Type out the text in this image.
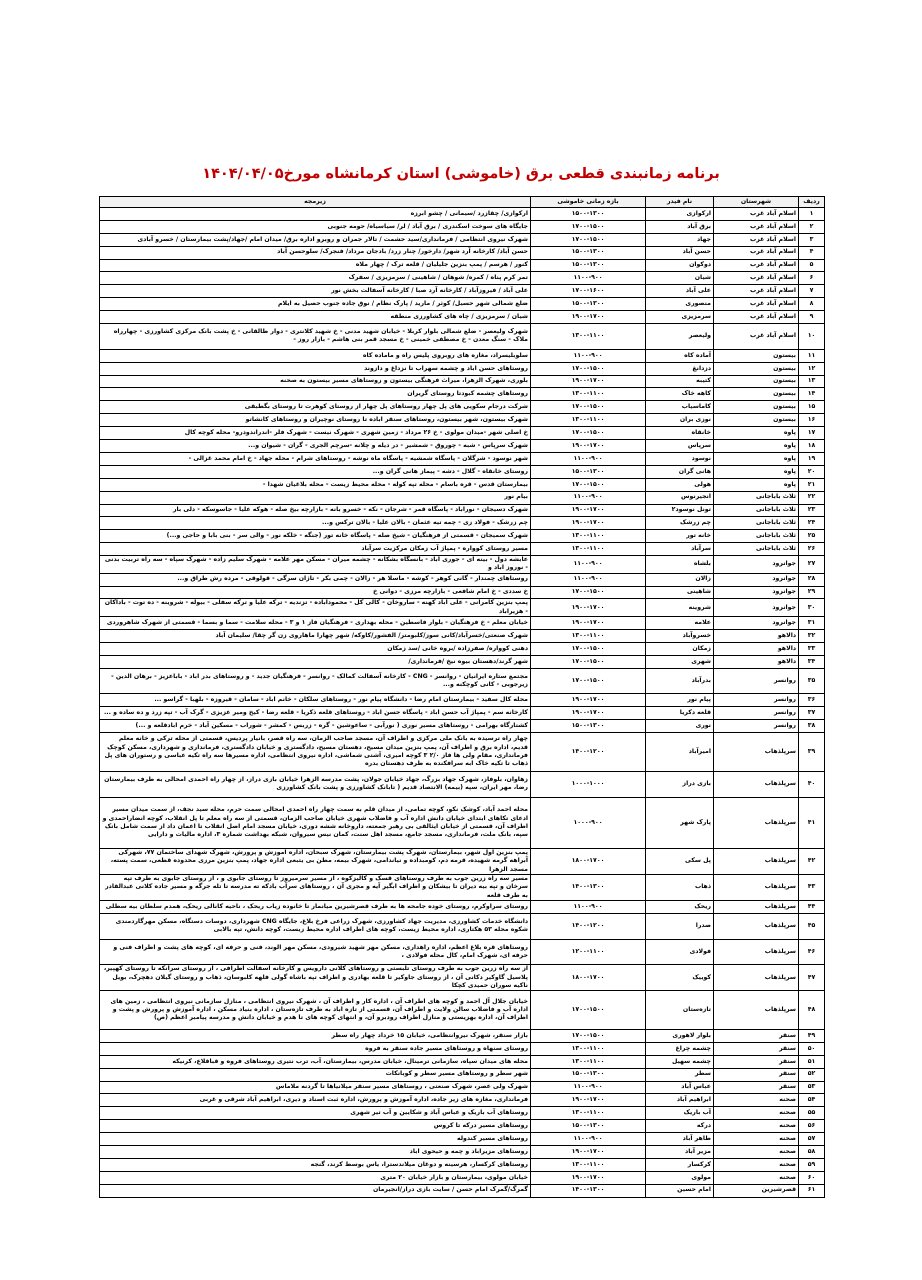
برنامه زمانبندی قطعی برق (خاموشی) استان کرمانشاه مورخ۱۴۰۴/۰۴/۰۵
ردیف	شهرستان	نام فیدر	بازه زمانی خاموشی	زیرمجه
۱	اسلام آباد غرب	ارکوازی	۱۵۰۰-۱۳۰۰	ارکوازی/ چقازرد /سیمانی / چشو ابرزه
۲	اسلام آباد غرب	برق آباد	۱۷۰۰-۱۵۰۰	جایگاه های سوخت اسکندری / برق آباد / لر/ سیاسیاه/ حومه جنوبی
۳	اسلام آباد غرب	جهاد	۱۷۰۰-۱۵۰۰	شهرک نیروی انتظامی / فرمانداری/سید حشمت / تالار جمران و روبرو اداره برق/ میدان امام /جهاد/پشت بیمارستان / خسرو آبادی
۴	اسلام آباد غرب	حسن آباد	۱۵۰۰-۱۳۰۰	حسن آباد/ کارخانه آرد شهر/ دارخور/ چنار زرد/ بادجان مرداد/ فنجرک/ سلوحسن آباد
۵	اسلام آباد غرب	دوکوان	۱۵۰۰-۱۳۰۰	کنور / هرسم / پمپ بنزین جلیلیان / قلعه ترک / چهار ملاه
۶	اسلام آباد غرب	شیان	۱۱۰۰-۹۰۰	تمر کرم پناه / کمره/ شوهان / شاهینی / سرمزیزی / سفرک
۷	اسلام آباد غرب	علی آباد	۱۷۰۰-۱۶۰۰	علی آباد / فیروزآباد / کارخانه آرد صبا / کارخانه آسفالت بخش نور
۸	اسلام آباد غرب	منصوری	۱۵۰۰-۱۳۰۰	ضلع شمالی شهر حسیل/ کوثر / مارید / پارک نظام / نوق جاده جنوب حصیل به ایلام
۹	اسلام آباد غرب	سرمزیزی	۱۹۰۰-۱۷۰۰	شیان / سرمزیزی / چاه های کشاورزی منطقه
۱۰	اسلام آباد غرب	ولیعصر	۱۳۰۰-۱۱۰۰	شهرک ولیعصر - ضلع شمالی بلوار کربلا - خیابان شهید مدنی - خ شهید کلانتری - دوار طالقانی - خ پشت بانک مرکزی کشاورزی - چهارراه ملاک - سنگ معدن - خ مصطفی خمینی - خ مسجد قمر بنی هاشم - بازار روز -
۱۱	بیستون	آماده کاه	۱۱۰۰-۹۰۰	سلوبلیسراد، مغازه های روبروی پلیس راه و ماماده کاه
۱۲	بیستون	دزدانغ	۱۷۰۰-۱۵۰۰	روستاهای حسن اباد و چشمه سهراب تا نزداغ و دازوند
۱۳	بیستون	کتیبه	۱۹۰۰-۱۷۰۰	بلوری، شهرک الزهرا، میراث فرهنگی بیستون و روستاهای مسیر بیستون به صحنه
۱۴	بیستون	کاهه خاک	۱۳۰۰-۱۱۰۰	روستاهای چشمه کبودتا روستای گریران
۱۵	بیستون	کاماسیاب	۱۷۰۰-۱۵۰۰	شرکت درجام سکویی های پل چهار روستاهای پل چهار از روستای کوهرت تا روستای بگطبقی
۱۶	بیستون	نوزی بران	۱۳۰۰-۱۱۰۰	شهرک بیستون، شهر بیستون، روستاهای سنقر اباده تا روستای نوچیران و روستاهای کانشاتو
۱۷	پاوه	خانقاه	۱۷۰۰-۱۵۰۰	خ اصلی شهر -میدان مولوی - خ ۲۶ مرداد - زمین شهری - شهرک نیست - شهرک فلر -اندراندودرو- محله کوچه کال
۱۸	پاوه	سرپاس	۱۹۰۰-۱۷۰۰	شهرک سرپاس - شبه - چوروق - شمشیر - در دیله و چلانه -سرچم الجری - گران - شیوان و...
۱۹	پاوه	نوسود	۱۱۰۰-۹۰۰	شهر نوسود - شرگلان - پاسگاه شمشیه - پاسگاه ماه نوشه - روستاهای شرام - محله جهاد - خ امام محمد غزالی -
۲۰	پاوه	هانی گران	۱۵۰۰-۱۳۰۰	روستای خانقاه - گلال - دشه - پیماز هانی گران و...
۲۱	پاوه	هولی	۱۷۰۰-۱۵۰۰	بیمارستان قدس - قره باسام - محله تپه کوله - محله محیط زیست - محله بلاغیان شهدا -
۲۲	ثلاث باباجانی	انجیرنوس	۱۱۰۰-۹۰۰	بیام نور
۲۳	ثلاث باباجانی	تونل نوسود۲	۱۹۰۰-۱۷۰۰	شهرک دسیجان - نوراباد - پاسگاه قمر - شرجان - نکه - خسرو بانه - بازارچه بیخ صله - هوکه علیا - جاسوسکه - دلی بار
۲۴	ثلاث باباجانی	چم زرشک	۱۹۰۰-۱۷۰۰	چم زرشک - فولاد زی - چمه تیه عثمان - بالان علیا - بالان ترکس و...
۲۵	ثلاث باباجانی	خانه تور	۱۳۰۰-۱۱۰۰	شهرک سمیجان - قسمتی از فرهنگیان - شیخ صله - پاسگاه خانه تور (جنگه - خلکه نور - والی سر - بنی بابا و حاجی و...)
۲۶	ثلاث باباجانی	سرآباد	۱۳۰۰-۱۱۰۰	مسیر روستای کوواره - پمپاژ آب زمکان مرکزیت سرآباد
۲۷	جوانرود	بلشاه	۱۱۰۰-۹۰۰	عابشه دول - بینه ای - جوری اباد - بانسگاه بشکانه - چشمه میران - مسکن مهر علامه - شهرک سلیم زاده - شهرک سپاه - سه راه تربیت بدنی - نوروز اباد و
۲۸	جوانرود	زالان	۱۱۰۰-۹۰۰	روستاهای چمندار - گانی کوهر - کوشه - ماسلا هر - زالان - چمی بکر - تاژان سرگی - قولوقی - مرده رش طراق و...
۲۹	جوانرود	شاهینی	۱۷۰۰-۱۵۰۰	خ سددی - خ امام شافعی - بازارچه مرزی - دوانی خ
۳۰	جوانرود	شروینه	۱۹۰۰-۱۷۰۰	پمپ بنزین کامرانی - علی اباد کهنه - ساروخان - کالی کل - محمودآباده - تزندیه - ترکه علیا و ترکه سفلی - بیوله - شروینه - ده توت - باداکان - هزیراباد
۳۱	جوانرود	علامه	۱۹۰۰-۱۷۰۰	خیابان معلم - خ فرهنگیان - بلوار فاسطین - محله بهداری - فرهنگیان فاز ۱ و ۳ - محله سلامت - سما و بسما - قسمتی از شهرک شاهروردی
۳۲	دالاهو	خسروآباد	۱۳۰۰-۱۱۰۰	شهرک صنعتی/خسرآباد/کانی سوز/کلبومتر/ الفشور/کاوکه/ شهر چهارا ماهاروی زن گر چقا/ سلیمان آباد
۳۳	دالاهو	زمکان	۱۷۰۰-۱۵۰۰	دهنی کوواره/ صفرزاده /بروه خانی /سد زمکان
۳۴	دالاهو	شهری	۱۷۰۰-۱۵۰۰	شهر گرند/دهستان بیوه نیخ /فرمانداری/
۳۵	روانسر	بدرآباد	۱۷۰۰-۱۵۰۰	مجتمع ستاره ایرانیان - روانسر - CNG - کارخانه آسفالت کمالک - روانسر - فرهنگیان جدید - و روستاهای بدر اباد - باباعزیز - برهان الدین - زیرجوبی - کانی کوچکنه و...
۳۶	روانسر	پیام نور	۱۹۰۰-۱۷۰۰	محله کال سفید - بیمارستان امام رضا - دانشگاه پیام نور - روستاهای سلکان - خانم اباد - سامان - قیروزه - بلهبا - گراسو ...
۳۷	روانسر	قلعه دکریا	۱۹۰۰-۱۷۰۰	کارخانه سم - پمپاژ آب حسن اباد - پاسگاه حسن اباد - روستاهای قلعه ذکریا - قلعه رضا - کیخ ومیر عزیزی - گرک آب - تپه زرد و ده ساده و ...
۳۸	روانسر	نوری	۱۵۰۰-۱۳۰۰	کشتارگاه بهرامی - روستاهای مسیر نوری ( نورآبی - ساعوشین - گره - زربس - کمشر - شوراب - مسکین آباد - خرم ابادقلعه و ...)
۳۹	سرپلذهاب	امیرآباد	۱۴۰۰-۱۲۰۰	چهار راه ترسیده به بانک ملی مرکزی و اطراف آن، مسجد صاحب الزمان، سه راه قصر، بانیار پردیس، قسمتی از محله ترکی و خانه معلم قدیم، اداره برق و اطراف آن، پمپ بنزین میدان مسیح، دهستان مسیح، دادگستری و خیابان دادگستری، فرمانداری و شهرداری، مسکن کوچک فرمانداری، مقام ولی ها فاز ۲/۰ ۳ کوچه امیری، آشتی شماشی، اداره نیروی انتظامی، اداره مسیرها سه راه تکیه عباسی و رستوران های پل ذهاب تا تکیه خاک ابه سرافکنده به طرف دهستان بدره
۴۰	سرپلذهاب	بازی دراز	۱۰۰۰-۱۰۰۰	زهاوان، بلوفاز، شهرک جهاد بزرگ، جهاد خیابان جولان، پشت مدرسه الزهرا خیابان بازی دراز، از چهار راه احمدی امحالی به طرف بیمارستان رضا، مهر ایران، سپه (بیمه) الانتصاد قدیم ( تابانک کشاورزی و پشت بانک کشاورزی
۴۱	سرپلذهاب	پارک شهر	۱۰۰۰-۹۰۰	محله احمد آباد، کوشک نکو، کوچه تمامی، از میدان قلم به سمت چهار راه احمدی امحالی سمت حرم، محله سید نجف، از سمت میدان مسیر ادعای تکاهای ابتدای خیابان دانش اداره آب و فاضلاب شهری خیابان صاحب الزمان، قسمتی از سه راه معلم تا پل انقلاب، کوچه انضاراحمدی و اطراف آن، قسمتی از خیابان ایثالقی بی رهبر جمعته، داروخانه ششه دوری، خیابان مسجد امام اصل انقلاب تا اعمان داد از سمت شامل باتک سپه، بانک ملت، فرمانداری، مسجد جامع، مسجد اهل سنت، کمان نیس سیروان، شبکه بهداشت شماره ۳، اداره مالیات و دارایی
۴۲	سرپلذهاب	پل سکی	۱۸۰۰-۱۷۰۰	پمپ بنزین اول شهر، بیمارستان، شهرک پشت بیمارستان، شهرک سبحان، اداره آموزش و پرورش، شهرک شهدای ساختمان ۷۷، شهرکی آبراهه گرمه شهیده، قرمه دم، کومبداده و نیاندامی، شهرک بیمه، مطن بی یتبعی اداره جهاد، پمپ بنزین مرزی محدوده قطعی، سمت پسته، مسجد الزهرا
۴۳	سرپلذهاب	ذهاب	۱۴۰۰-۱۳۰۰	مسیر سه راه زرین جوب به طرف روستاهای قسک و کالیزکوه ، از مسیر سرمیروز تا روستای جابوی و ، از روستای جابوی به طرف تپه سرخان و تپه بیه دیران تا بیشکان و اطراف ابگیر آیه و مجری آن ، روستاهای سرآب بادکه ته مدرسه تا تله جرگه و مسیر جاده کلانی عبدالقادر به طرف قلعه
۴۴	سرپلذهاب	ریحک	۱۱۰۰-۹۰۰	روستای سراوکرم، روستای خوده جامحه ها به طرف قصرشیرین میانمار تا خانوده زیاب ریحک ، ناحیه کانالی ریحک، همدم سلطان بیه سطلی
۴۵	سرپلذهاب	صدرا	۱۴۰۰-۱۲۰۰	دانشگاه خدمات کشاورزی، مدیریت جهاد کشاورزی، شهرک زراعی فرخ بلاغ، جایگاه CNG شهرداری، دوسات دستگاه، مسکن مهرگاردمندی شکوه محله ۵۳ هکتاری، اداره محیط زیست، کوچه های اطراف اداره محیط زیست، کوچه دانش، تپه بالابی
۴۶	سرپلذهاب	فولادی	۱۲۰۰-۱۱۰۰	روستاهای قره بلاغ اعظم، اداره راهداری، مسکن مهر شهید شیرودی، مسکن مهر الوند، فنی و حرفه ای، کوچه های پشت و اطراف فنی و حرفه ای، شهرک امام، کال محله فولادی ،
۴۷	سرپلذهاب	کوییک	۱۸۰۰-۱۷۰۰	از سه راه زرین جوب به طرف روستای تلبستی و روستاهای کلانی دارویس و کارخانه آسفالت اطرافی ، از روستای سرانکه تا روستای کهپیر، پلاسیل گاوکیر دکانی آن ، از روستای جاوکیر تا قلعه بهادری و اطراف تپه باشاه گولی فلهه کلبوسان، ذهاب و روستای گیلان دهچرک، بویل ناکیه سوران حمیدی کچکا
۴۸	سرپلذهاب	تازه‌ستان	۱۷۰۰-۱۵۰۰	خیابان جلال آل احمد و کوچه های اطراف آن ، اداره کار و اطراف آن ، شهرک نیروی انتظامی ، منازل سازمانی نیروی انتظامی ، زمین های اداره آب و فاضلاب سالن ولایت و اطراف آن، قسمتی از تازه اباد به طرف تازه‌ستان ، اداره بنیاد مسکن ، اداره آموزش و پرورش و پشت و اطراف آن، اداره بهزیستی و منازل اطراف رودبرو آن، و انتهای کوچه های تا هدم و خیابان دانش و مدرسه پیامبر اعظم (ص)
۴۹	سنقر	بلوار لاهوری	۱۷۰۰-۱۵۰۰	بازار سنقر، شهرک نیروانتظامی، خیابان ۱۵ خرداد چهار راه سطر
۵۰	سنقر	چشمه چراغ	۱۳۰۰-۱۱۰۰	روستای سنهاه و روستاهای مسیر جاده سنقر به فروه
۵۱	سنقر	چشمه سهیل	۱۳۰۰-۱۱۰۰	محله های میدان سپاه، سازمانی ترمینال، خیابان مدرس، بیمارستان، آب، ترب نتیری روستاهای فروه و قباقلاع، کرنیکه
۵۲	سنقر	سطر	۱۵۰۰-۱۳۰۰	شهر سطر و روستاهای مسیر سطر و کوبانکات
۵۳	سنقر	عباس آباد	۱۱۰۰-۹۰۰	شهرک ولی عصر، شهرک صنعتی ، روستاهای مسیر سنقر میلانیاها تا گردنه ملاماس
۵۴	صحنه	ابراهیم آباد	۱۹۰۰-۱۷۰۰	فرمانداری، مغازه های زیر جاده، اداره آموزش و پرورش، اداره ثبت اسناد و دیری، ابراهیم آباد شرقی و غربی
۵۵	صحنه	آب باریک	۱۳۰۰-۱۱۰۰	روستاهای آب باریک و عباس آباد و شکایین و آب تیر شهری
۵۶	صحنه	درکه	۱۵۰۰-۱۳۰۰	روستاهای مسیر درکه تا کروس
۵۷	صحنه	طاهر آباد	۱۱۰۰-۹۰۰	روستاهای مسیر کندوله
۵۸	صحنه	مزیر آباد	۱۹۰۰-۱۷۰۰	روستاهای مزیراباد و چمه و حیحوی اباد
۵۹	صحنه	کرکسار	۱۳۰۰-۱۱۰۰	روستاهای کرکسار، هرسینه و دوغان میلاندسترا، یاس بوسط کرند، گنجه
۶۰	صحنه	مولوی	۱۹۰۰-۱۷۰۰	خیابان مولوی، بیمارستان و بازار خیابان ۲۰ متری
۶۱	قصرشیرین	امام حسین	۱۴۰۰-۱۳۰۰	گمرگ/گمرک امام حسن / سایت بازی دراز/انجیرمان
